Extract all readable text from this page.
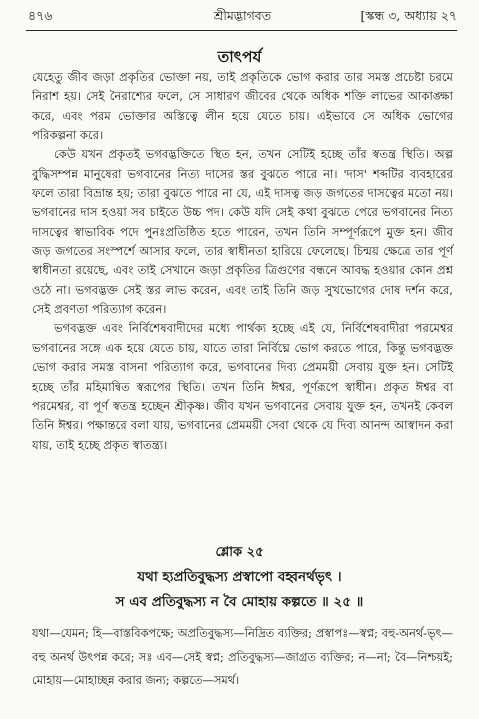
শ্রীমদ্ভাগবত
৪৭৬	[স্কন্ধ ৩, অধ্যায় ২৭
তাৎপর্য

যেহেতু জীব জড়া প্রকৃতির ভোক্তা নয়, তাই প্রকৃতিকে ভোগ করার তার সমস্ত প্রচেষ্টা চরমে নিরাশ হয়। সেই নৈরাশ্যের ফলে, সে সাধারণ জীবের থেকে অধিক শক্তি লাভের আকাঙ্ক্ষা করে, এবং পরম ভোক্তার অস্তিত্বে লীন হয়ে যেতে চায়। এইভাবে সে অধিক ভোগের পরিকল্পনা করে।

কেউ যখন প্রকৃতই ভগবদ্ভক্তিতে স্থিত হন, তখন সেটিই হচ্ছে তাঁর স্বতন্ত্র স্থিতি। অল্প বুদ্ধিসম্পন্ন মানুষেরা ভগবানের নিত্য দাসের স্তর বুঝতে পারে না। 'দাস' শব্দটির ব্যবহারের ফলে তারা বিভ্রান্ত হয়; তারা বুঝতে পারে না যে, এই দাসত্ব জড় জগতের দাসত্বের মতো নয়। ভগবানের দাস হওয়া সব চাইতে উচ্চ পদ। কেউ যদি সেই কথা বুঝতে পেরে ভগবানের নিত্য দাসত্বের স্বাভাবিক পদে পুনঃপ্রতিষ্ঠিত হতে পারেন, তখন তিনি সম্পূর্ণরূপে মুক্ত হন। জীব জড় জগতের সংস্পর্শে আসার ফলে, তার স্বাধীনতা হারিয়ে ফেলেছে। চিন্ময় ক্ষেত্রে তার পূর্ণ স্বাধীনতা রয়েছে, এবং তাই সেখানে জড়া প্রকৃতির ত্রিগুণের বন্ধনে আবদ্ধ হওয়ার কোন প্রশ্ন ওঠে না। ভগবদ্ভক্ত সেই স্তর লাভ করেন, এবং তাই তিনি জড় সুখভোগের দোষ দর্শন করে, সেই প্রবণতা পরিত্যাগ করেন।

ভগবদ্ভক্ত এবং নির্বিশেষবাদীদের মধ্যে পার্থক্য হচ্ছে এই যে, নির্বিশেষবাদীরা পরমেশ্বর ভগবানের সঙ্গে এক হয়ে যেতে চায়, যাতে তারা নির্বিঘ্নে ভোগ করতে পারে, কিন্তু ভগবদ্ভক্ত ভোগ করার সমস্ত বাসনা পরিত্যাগ করে, ভগবানের দিব্য প্রেমময়ী সেবায় যুক্ত হন। সেটিই হচ্ছে তাঁর মহিমান্বিত স্বরূপের স্থিতি। তখন তিনি ঈশ্বর, পূর্ণরূপে স্বাধীন। প্রকৃত ঈশ্বর বা পরমেশ্বর, বা পূর্ণ স্বতন্ত্র হচ্ছেন শ্রীকৃষ্ণ। জীব যখন ভগবানের সেবায় যুক্ত হন, তখনই কেবল তিনি ঈশ্বর। পক্ষান্তরে বলা যায়, ভগবানের প্রেমময়ী সেবা থেকে যে দিব্য আনন্দ আস্বাদন করা যায়, তাই হচ্ছে প্রকৃত স্বাতন্ত্র্য।

শ্লোক ২৫
যথা হ্যপ্রতিবুদ্ধস্য প্রস্বাপো বহ্বনর্থভৃৎ ।
স এব প্রতিবুদ্ধস্য ন বৈ মোহায় কল্পতে ॥ ২৫ ॥

যথা—যেমন; হি—বাস্তবিকপক্ষে; অপ্রতিবুদ্ধস্য—নিদ্রিত ব্যক্তির; প্রস্বাপঃ—স্বপ্ন; বহু-অনর্থ-ভৃৎ—বহু অনর্থ উৎপন্ন করে; সঃ এব—সেই স্বপ্ন; প্রতিবুদ্ধস্য—জাগ্রত ব্যক্তির; ন—না; বৈ—নিশ্চয়ই; মোহায়—মোহাচ্ছন্ন করার জন্য; কল্পতে—সমর্থ।
